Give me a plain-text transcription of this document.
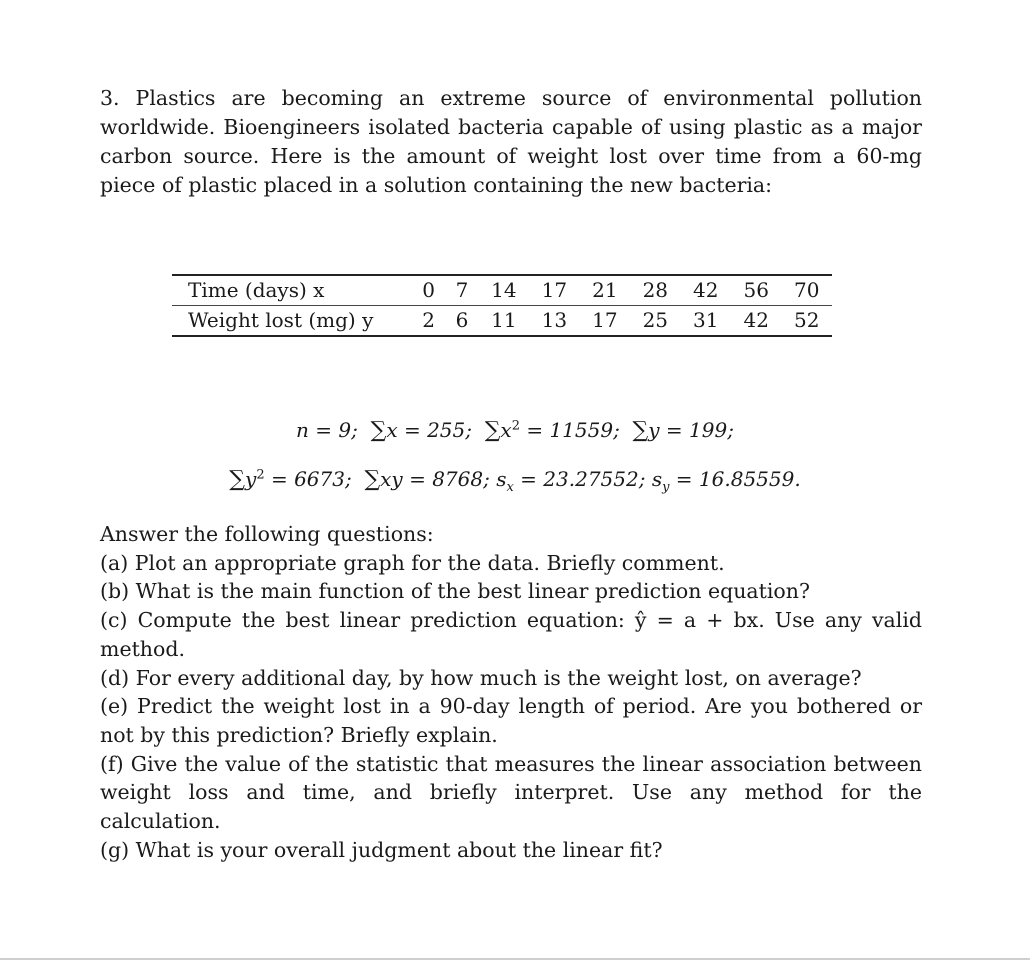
3. Plastics are becoming an extreme source of environmental pollution worldwide. Bioengineers isolated bacteria capable of using plastic as a major carbon source. Here is the amount of weight lost over time from a 60-mg piece of plastic placed in a solution containing the new bacteria:

Time (days) x	0	7	14	17	21	28	42	56	70
Weight lost (mg) y	2	6	11	13	17	25	31	42	52
n = 9; ∑x = 255; $\sum x^2 = 11559$; ∑y = 199;
$\sum y^2 = 6673$; ∑xy = 8768; $s_x = 23.27552$; $s_y = 16.85559$.
Answer the following questions:
(a) Plot an appropriate graph for the data. Briefly comment.
(b) What is the main function of the best linear prediction equation?
(c) Compute the best linear prediction equation: ŷ = a + bx. Use any valid method.
(d) For every additional day, by how much is the weight lost, on average?
(e) Predict the weight lost in a 90-day length of period. Are you bothered or not by this prediction? Briefly explain.
(f) Give the value of the statistic that measures the linear association between weight loss and time, and briefly interpret. Use any method for the calculation.
(g) What is your overall judgment about the linear fit?
